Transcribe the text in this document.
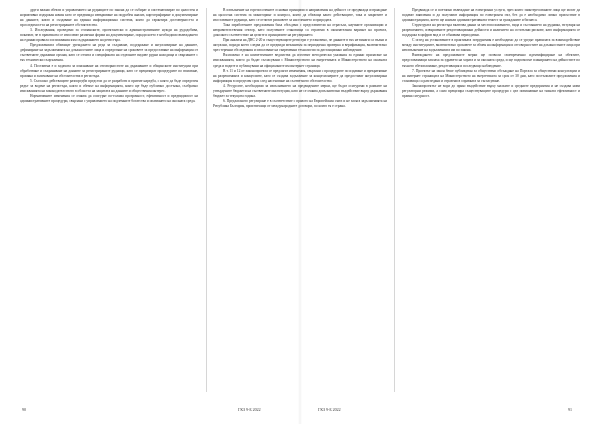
други важни обекти и управлението на рудниците по закона да се събират и систематизират по цялостен и нормативно издържан начин като се предвижда извършване на подробен анализ, картографиране и документиране на данните, както и създаване на единна информационна система, която да гарантира достоверността и проследимостта на регистрираните обстоятелства.

3. Изследвания, проведени за стопанските, проектантски и административните нужди на рудодобива, показват, че в практиката се използват различни форми на документиране, поради което е необходимо въвеждането на единни правила и изисквания към съдържанието на регистъра.

Предложенията обхващат уреждането на реда за създаване, поддържане и актуализиране на данните, дефиниране на задълженията на длъжностните лица и определяне на сроковете за предоставяне на информация от съответните държавни органи, като се отчита и спецификата на отделните видове рудни находища и свързаните с тях технически съоръжения.

4. Поставена е и задачата за изясняване на отговорностите на държавните и общинските институции при обработване и съхраняване на данните за регистрираните рудници, като се прецизират процедурите по вписване, промяна и заличаване на обстоятелства в регистъра.

5. Съгласно действащите разпоредби предстои да се разработи и приеме наредба, с която да бъде определен редът за водене на регистъра, както и обемът на информацията, която ще бъде публично достъпна, съобразно изискванията на законодателството в областта на защитата на данните и обществения интерес.

Нормативните изменения се очаква да осигурят по-голяма прозрачност, ефективност и предвидимост на административните процедури, свързани с управлението на подземните богатства и опазването на околната среда.

В изпълнение на горепосочените основни принципи и направления на дейност се предвижда изграждане на цялостна система за мониторинг и контрол, която да обхваща както действащите, така и закритите и изоставените рудници, като се отчитат рисковете за населението и природата.

Така изработените предложения бяха обсъдени с представители на отрасъла, научните организации и неправителствения сектор, като получените становища са отразени в окончателния вариант на проекта, доколкото съответстват на целите и принципите на регулирането.

При анализа на ДНС 2-20 и съществуващите регистри е установено, че данните в тях не винаги са пълни и актуални, поради което следва да се предвиди механизъм за периодична проверка и верификация, включително чрез теренни обследвания и използване на съвременни технологии за дистанционно наблюдение.

Възложено е на компетентните ведомства да изготвят методически указания за единно прилагане на изискванията, които да бъдат съгласувани с Министерството на енергетиката и Министерството на околната среда и водите и публикувани на официалните им интернет страници.

В т. 11 и 12 от законопроекта се предлагат изменения, свързани с процедурите по издаване и прекратяване на разрешенията и концесиите, като се създава задължение за концесионерите да предоставят актуализирана информация в определен срок след настъпване на съответното обстоятелство.

4. Ресурсите, необходими за изпълнението на предвидените мерки, ще бъдат осигурени в рамките на утвърдените бюджети на съответните институции, като не се очаква допълнително въздействие върху държавния бюджет за текущата година.

6. Предлаганото регулиране е в съответствие с правото на Европейския съюз и не засяга задълженията на Република България, произтичащи от международните договори, по които тя е страна.

Предвижда се и поетапно въвеждане на електронни услуги, чрез които заинтересованите лица ще могат да подават заявления и да получават информация по електронен път, без да е необходимо лично присъствие в администрацията, което ще намали административната тежест за гражданите и бизнеса.

Структурата на регистъра включва данни за местоположението, вида и състоянието на рудника, титуляря на разрешението, извършените рекултивационни дейности и наличието на остатъчни рискове, като информацията се поддържа в цифров вид и се обновява периодично.

С оглед на установените в практиката затруднения е необходимо да се уредят правилата за взаимодействие между институциите, включително сроковете за обмен на информация и отговорностите на длъжностните лица при неизпълнение на задълженията им по закона.

Въвеждането на предложените мерки ще позволи своевременно идентифициране на обектите, представляващи заплаха за здравето на хората и за околната среда, и ще подпомогне планирането на дейностите по тяхното обезопасяване, рекултивация и последващо наблюдение.

7. Проектът на закон беше публикуван за обществено обсъждане на Портала за обществени консултации и на интернет страницата на Министерството на енергетиката за срок от 30 дни, като постъпилите предложения и становища са разгледани и отразени в справката за съгласуване.

Законопроектът не води до пряко въздействие върху малките и средните предприятия и не създава нови регулаторни режими, а само прецизира съществуващите процедури с цел повишаване на тяхната ефективност и правна сигурност.

90	ГКЗ 9-Б 2022	ГКЗ 9-Б 2022	91
